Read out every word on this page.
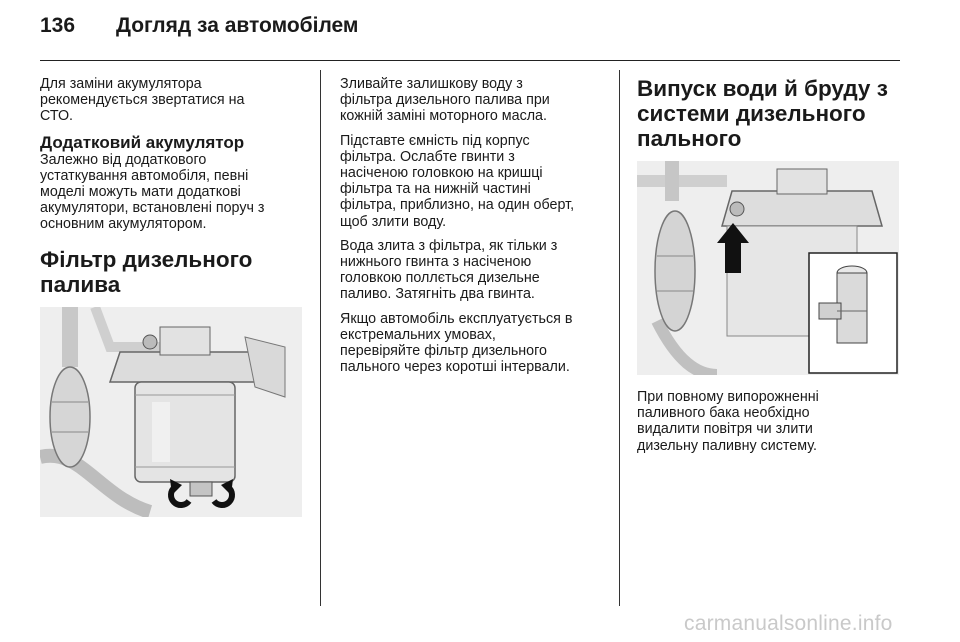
136	Догляд за автомобілем

Для заміни акумулятора
рекомендується звертатися на
СТО.

Додатковий акумулятор

Залежно від додаткового
устаткування автомобіля, певні
моделі можуть мати додаткові
акумулятори, встановлені поруч з
основним акумулятором.

Фільтр дизельного
палива

Зливайте залишкову воду з
фільтра дизельного палива при
кожній заміні моторного масла.

Підставте ємність під корпус
фільтра. Ослабте гвинти з
насіченою головкою на кришці
фільтра та на нижній частині
фільтра, приблизно, на один оберт,
щоб злити воду.

Вода злита з фільтра, як тільки з
нижнього гвинта з насіченою
головкою поллється дизельне
паливо. Затягніть два гвинта.

Якщо автомобіль експлуатується в
екстремальних умовах,
перевіряйте фільтр дизельного
пального через коротші інтервали.

Випуск води й бруду з
системи дизельного
пального

При повному випорожненні
паливного бака необхідно
видалити повітря чи злити
дизельну паливну систему.

carmanualsonline.info
